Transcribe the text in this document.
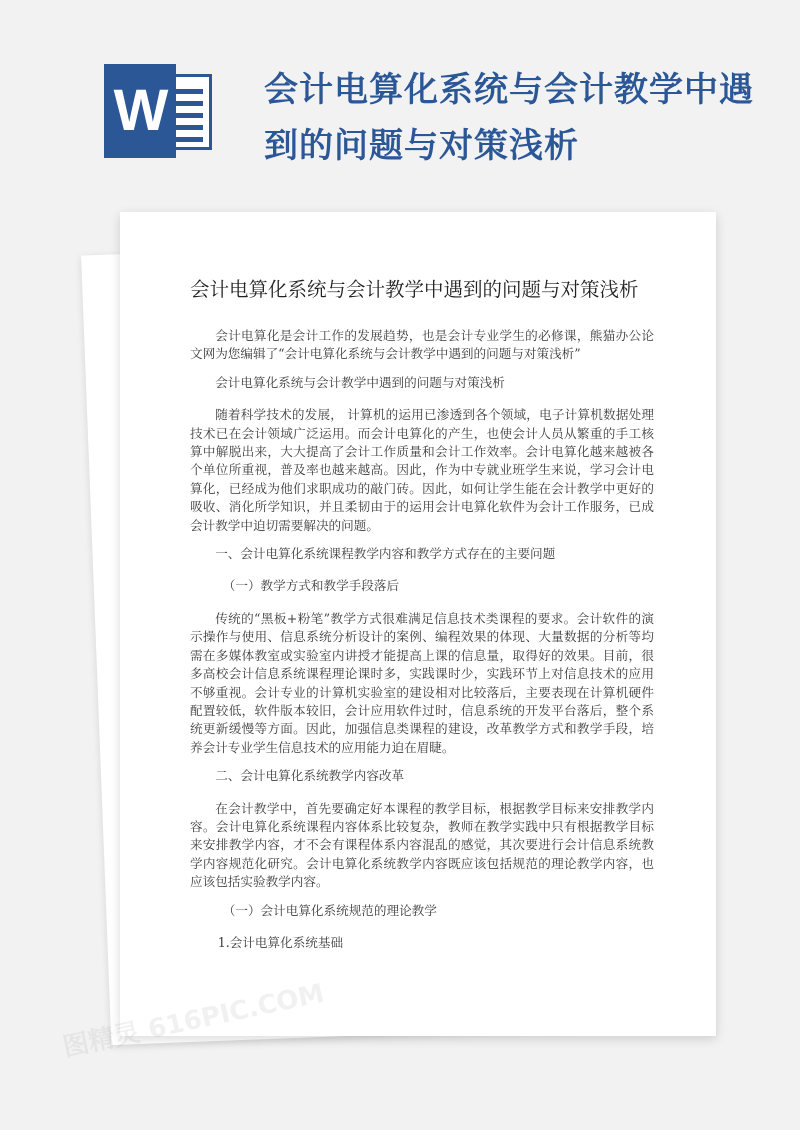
W	会计电算化系统与会计教学中遇到的问题与对策浅析
会计电算化系统与会计教学中遇到的问题与对策浅析

会计电算化是会计工作的发展趋势，也是会计专业学生的必修课，熊猫办公论文网为您编辑了“会计电算化系统与会计教学中遇到的问题与对策浅析”

会计电算化系统与会计教学中遇到的问题与对策浅析

随着科学技术的发展， 计算机的运用已渗透到各个领域，电子计算机数据处理技术已在会计领域广泛运用。而会计电算化的产生，也使会计人员从繁重的手工核算中解脱出来，大大提高了会计工作质量和会计工作效率。会计电算化越来越被各个单位所重视，普及率也越来越高。因此，作为中专就业班学生来说，学习会计电算化，已经成为他们求职成功的敲门砖。因此，如何让学生能在会计教学中更好的吸收、消化所学知识，并且柔韧由于的运用会计电算化软件为会计工作服务，已成会计教学中迫切需要解决的问题。

一、会计电算化系统课程教学内容和教学方式存在的主要问题

（一）教学方式和教学手段落后

传统的“黑板+粉笔”教学方式很难满足信息技术类课程的要求。会计软件的演示操作与使用、信息系统分析设计的案例、编程效果的体现、大量数据的分析等均需在多媒体教室或实验室内讲授才能提高上课的信息量，取得好的效果。目前，很多高校会计信息系统课程理论课时多，实践课时少，实践环节上对信息技术的应用不够重视。会计专业的计算机实验室的建设相对比较落后，主要表现在计算机硬件配置较低，软件版本较旧，会计应用软件过时，信息系统的开发平台落后，整个系统更新缓慢等方面。因此，加强信息类课程的建设，改革教学方式和教学手段，培养会计专业学生信息技术的应用能力迫在眉睫。

二、会计电算化系统教学内容改革

在会计教学中，首先要确定好本课程的教学目标，根据教学目标来安排教学内容。会计电算化系统课程内容体系比较复杂，教师在教学实践中只有根据教学目标来安排教学内容，才不会有课程体系内容混乱的感觉，其次要进行会计信息系统教学内容规范化研究。会计电算化系统教学内容既应该包括规范的理论教学内容，也应该包括实验教学内容。

（一）会计电算化系统规范的理论教学

1.会计电算化系统基础

图精灵
